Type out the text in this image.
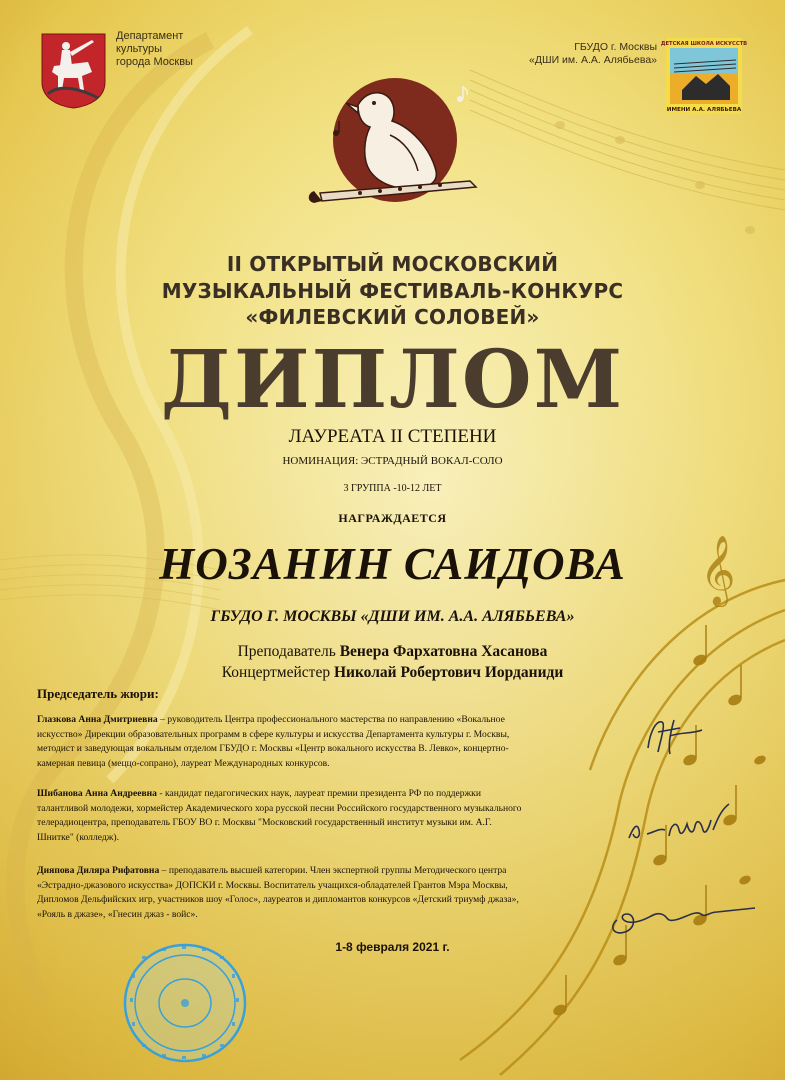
𝄞
Департамент
культуры
города Москвы
ГБУДО г. Москвы
«ДШИ им. А.А. Алябьева»
ДЕТСКАЯ ШКОЛА ИСКУССТВ
ИМЕНИ А.А. АЛЯБЬЕВА
II ОТКРЫТЫЙ МОСКОВСКИЙ
МУЗЫКАЛЬНЫЙ ФЕСТИВАЛЬ-КОНКУРС
«ФИЛЕВСКИЙ СОЛОВЕЙ»
ДИПЛОМ
ЛАУРЕАТА II СТЕПЕНИ
НОМИНАЦИЯ: ЭСТРАДНЫЙ ВОКАЛ-СОЛО
3 ГРУППА -10-12 ЛЕТ
НАГРАЖДАЕТСЯ
НОЗАНИН САИДОВА
ГБУДО Г. МОСКВЫ «ДШИ ИМ. А.А. АЛЯБЬЕВА»
Преподаватель Венера Фархатовна Хасанова
Концертмейстер Николай Робертович Иорданиди
Председатель жюри:
Глазкова Анна Дмитриевна – руководитель Центра профессионального мастерства по направлению «Вокальное
искусство» Дирекции образовательных программ в сфере культуры и искусства Департамента культуры г. Москвы,
методист и заведующая вокальным отделом ГБУДО г. Москвы «Центр вокального искусства В. Левко», концертно-
камерная певица (меццо-сопрано), лауреат Международных конкурсов.
Шибанова Анна Андреевна - кандидат педагогических наук, лауреат премии президента РФ по поддержки
талантливой молодежи, хормейстер Академического хора русской песни Российского государственного музыкального
телерадиоцентра, преподаватель ГБОУ ВО г. Москвы "Московский государственный институт музыки им. А.Г.
Шнитке" (колледж).
Дияпова Диляра Рифатовна – преподаватель высшей категории. Член экспертной группы Методического центра
«Эстрадно-джазового искусства» ДОПСКИ г. Москвы. Воспитатель учащихся-обладателей Грантов Мэра Москвы,
Дипломов Дельфийских игр, участников шоу «Голос», лауреатов и дипломантов конкурсов «Детский триумф джаза»,
«Рояль в джазе», «Гнесин джаз - войс».
1-8 февраля 2021 г.
